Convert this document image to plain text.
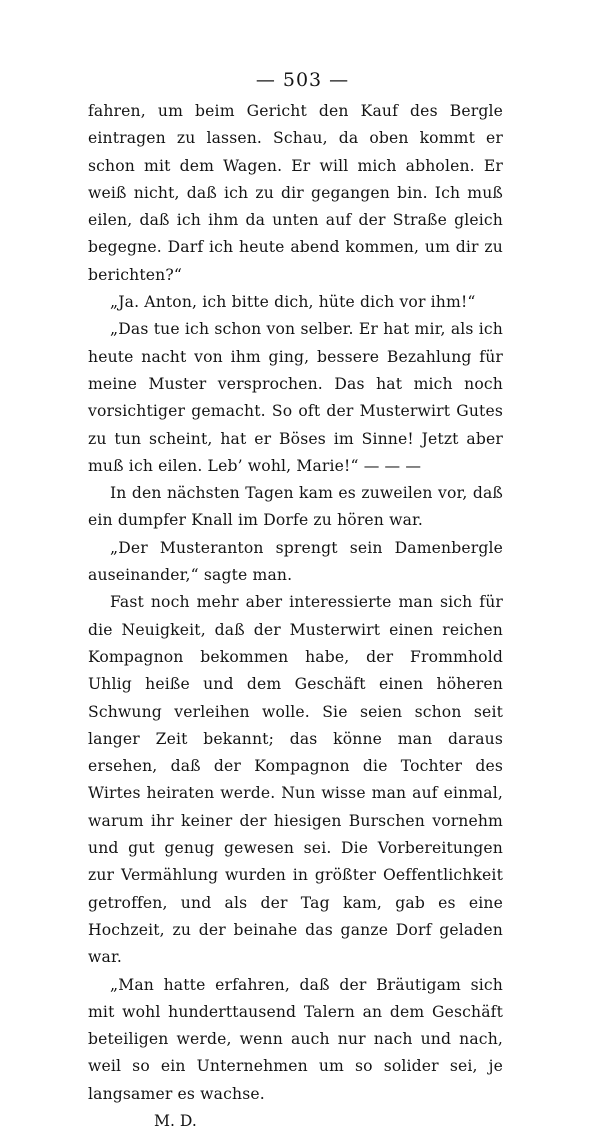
— 503 —

fahren, um beim Gericht den Kauf des Bergle eintragen zu lassen. Schau, da oben kommt er schon mit dem Wagen. Er will mich abholen. Er weiß nicht, daß ich zu dir gegangen bin. Ich muß eilen, daß ich ihm da unten auf der Straße gleich begegne. Darf ich heute abend kommen, um dir zu berichten?“

„Ja. Anton, ich bitte dich, hüte dich vor ihm!“

„Das tue ich schon von selber. Er hat mir, als ich heute nacht von ihm ging, bessere Bezahlung für meine Muster versprochen. Das hat mich noch vorsichtiger gemacht. So oft der Musterwirt Gutes zu tun scheint, hat er Böses im Sinne! Jetzt aber muß ich eilen. Leb’ wohl, Marie!“ — — —

In den nächsten Tagen kam es zuweilen vor, daß ein dumpfer Knall im Dorfe zu hören war.

„Der Musteranton sprengt sein Damenbergle auseinander,“ sagte man.

Fast noch mehr aber interessierte man sich für die Neuigkeit, daß der Musterwirt einen reichen Kompagnon bekommen habe, der Frommhold Uhlig heiße und dem Geschäft einen höheren Schwung verleihen wolle. Sie seien schon seit langer Zeit bekannt; das könne man daraus ersehen, daß der Kompagnon die Tochter des Wirtes heiraten werde. Nun wisse man auf einmal, warum ihr keiner der hiesigen Burschen vornehm und gut genug gewesen sei. Die Vorbereitungen zur Vermählung wurden in größter Oeffentlichkeit getroffen, und als der Tag kam, gab es eine Hochzeit, zu der beinahe das ganze Dorf geladen war.

„Man hatte erfahren, daß der Bräutigam sich mit wohl hunderttausend Talern an dem Geschäft beteiligen werde, wenn auch nur nach und nach, weil so ein Unternehmen um so solider sei, je langsamer es wachse.

M. D.
